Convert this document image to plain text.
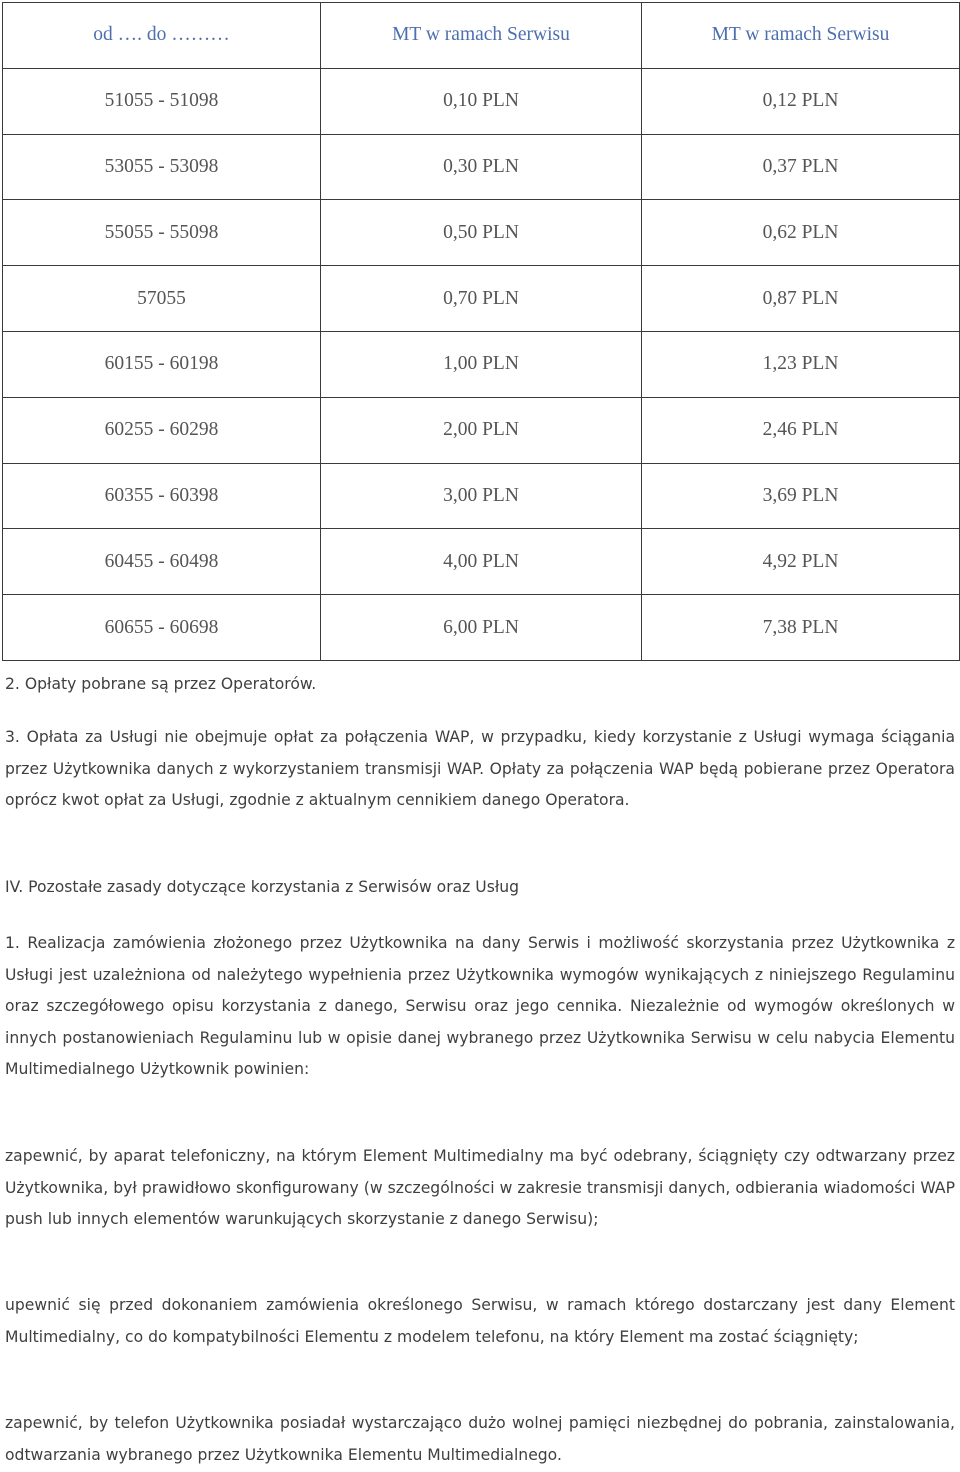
od …. do ………	MT w ramach Serwisu	MT w ramach Serwisu
51055 - 51098	0,10 PLN	0,12 PLN
53055 - 53098	0,30 PLN	0,37 PLN
55055 - 55098	0,50 PLN	0,62 PLN
57055	0,70 PLN	0,87 PLN
60155 - 60198	1,00 PLN	1,23 PLN
60255 - 60298	2,00 PLN	2,46 PLN
60355 - 60398	3,00 PLN	3,69 PLN
60455 - 60498	4,00 PLN	4,92 PLN
60655 - 60698	6,00 PLN	7,38 PLN

2. Opłaty pobrane są przez Operatorów.

3. Opłata za Usługi nie obejmuje opłat za połączenia WAP, w przypadku, kiedy korzystanie z Usługi wymaga ściągania przez Użytkownika danych z wykorzystaniem transmisji WAP. Opłaty za połączenia WAP będą pobierane przez Operatora oprócz kwot opłat za Usługi, zgodnie z aktualnym cennikiem danego Operatora.

IV. Pozostałe zasady dotyczące korzystania z Serwisów oraz Usług

1. Realizacja zamówienia złożonego przez Użytkownika na dany Serwis i możliwość skorzystania przez Użytkownika z Usługi jest uzależniona od należytego wypełnienia przez Użytkownika wymogów wynikających z niniejszego Regulaminu oraz szczegółowego opisu korzystania z danego, Serwisu oraz jego cennika. Niezależnie od wymogów określonych w innych postanowieniach Regulaminu lub w opisie danej wybranego przez Użytkownika Serwisu w celu nabycia Elementu Multimedialnego Użytkownik powinien:

zapewnić, by aparat telefoniczny, na którym Element Multimedialny ma być odebrany, ściągnięty czy odtwarzany przez Użytkownika, był prawidłowo skonfigurowany (w szczególności w zakresie transmisji danych, odbierania wiadomości WAP push lub innych elementów warunkujących skorzystanie z danego Serwisu);

upewnić się przed dokonaniem zamówienia określonego Serwisu, w ramach którego dostarczany jest dany Element Multimedialny, co do kompatybilności Elementu z modelem telefonu, na który Element ma zostać ściągnięty;

zapewnić, by telefon Użytkownika posiadał wystarczająco dużo wolnej pamięci niezbędnej do pobrania, zainstalowania, odtwarzania wybranego przez Użytkownika Elementu Multimedialnego.
